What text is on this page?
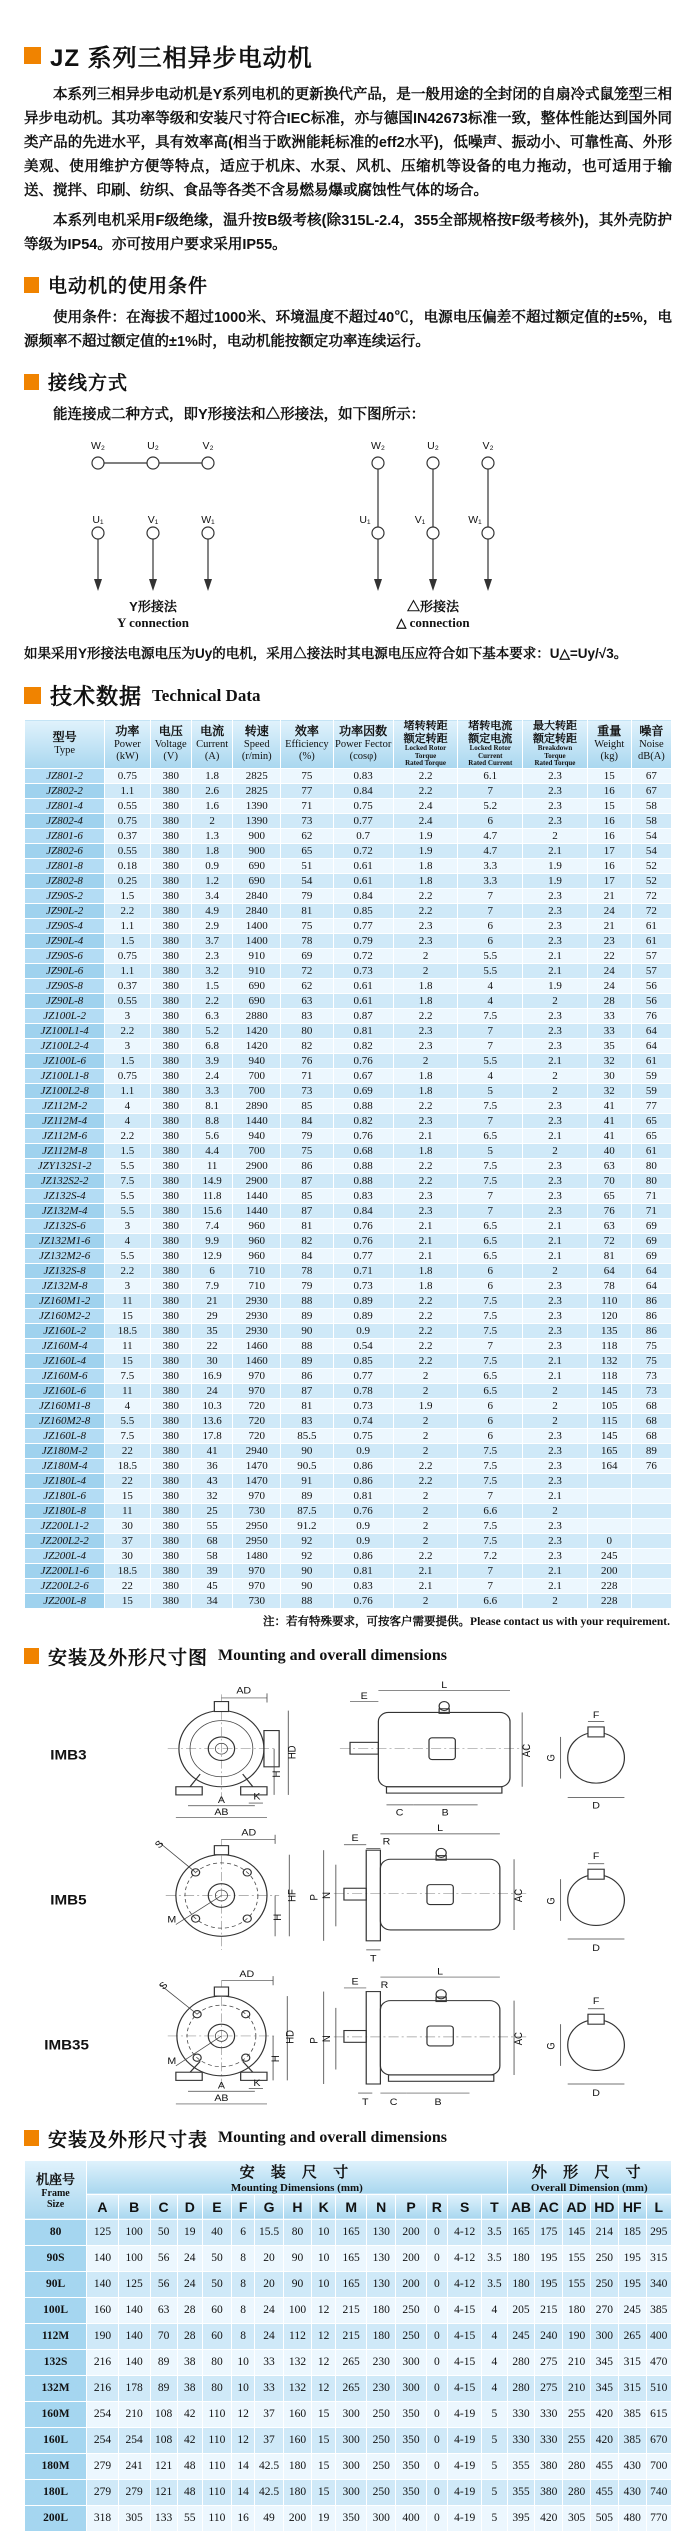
JZ 系列三相异步电动机

本系列三相异步电动机是Y系列电机的更新换代产品，是一般用途的全封闭的自扇冷式鼠笼型三相异步电动机。其功率等级和安装尺寸符合IEC标准，亦与德国IN42673标准一致，整体性能达到国外同类产品的先进水平，具有效率高(相当于欧洲能耗标准的eff2水平)，低噪声、振动小、可靠性高、外形美观、使用维护方便等特点，适应于机床、水泵、风机、压缩机等设备的电力拖动，也可适用于输送、搅拌、印刷、纺织、食品等各类不含易燃易爆或腐蚀性气体的场合。

本系列电机采用F级绝缘，温升按B级考核(除315L-2.4，355全部规格按F级考核外)，其外壳防护等级为IP54。亦可按用户要求采用IP55。

电动机的使用条件

使用条件：在海拔不超过1000米、环境温度不超过40℃，电源电压偏差不超过额定值的±5%，电源频率不超过额定值的±1%时，电动机能按额定功率连续运行。

接线方式

能连接成二种方式，即Y形接法和△形接法，如下图所示：

W₂	U₂	V₂	W₂	U₂	V₂
U₁	V₁	W₁	U₁	V₁	W₁
Y形接法
Y connection
△形接法
△ connection

如果采用Y形接法电源电压为Uy的电机，采用△接法时其电源电压应符合如下基本要求：U△=Uy/√3。

技术数据 Technical Data
型号
Type

功率
Power
(kW)

电压
Voltage
(V)

电流
Current
(A)

转速
Speed
(r/min)

效率
Efficiency
(%)

功率因数
Power Fector
(cosφ)

堵转转距
额定转距
Locked Rotor
Torque
Rated Torque

堵转电流
额定电流
Locked Rotor
Current
Rated Current

最大转距
额定转距
Breakdown
Torque
Rated Torque

重量
Weight
(kg)

噪音
Noise
dB(A)

JZ801-2	0.75	380	1.8	2825	75	0.83	2.2	6.1	2.3	15	67
JZ802-2	1.1	380	2.6	2825	77	0.84	2.2	7	2.3	16	67
JZ801-4	0.55	380	1.6	1390	71	0.75	2.4	5.2	2.3	15	58
JZ802-4	0.75	380	2	1390	73	0.77	2.4	6	2.3	16	58
JZ801-6	0.37	380	1.3	900	62	0.7	1.9	4.7	2	16	54
JZ802-6	0.55	380	1.8	900	65	0.72	1.9	4.7	2.1	17	54
JZ801-8	0.18	380	0.9	690	51	0.61	1.8	3.3	1.9	16	52
JZ802-8	0.25	380	1.2	690	54	0.61	1.8	3.3	1.9	17	52
JZ90S-2	1.5	380	3.4	2840	79	0.84	2.2	7	2.3	21	72
JZ90L-2	2.2	380	4.9	2840	81	0.85	2.2	7	2.3	24	72
JZ90S-4	1.1	380	2.9	1400	75	0.77	2.3	6	2.3	21	61
JZ90L-4	1.5	380	3.7	1400	78	0.79	2.3	6	2.3	23	61
JZ90S-6	0.75	380	2.3	910	69	0.72	2	5.5	2.1	22	57
JZ90L-6	1.1	380	3.2	910	72	0.73	2	5.5	2.1	24	57
JZ90S-8	0.37	380	1.5	690	62	0.61	1.8	4	1.9	24	56
JZ90L-8	0.55	380	2.2	690	63	0.61	1.8	4	2	28	56
JZ100L-2	3	380	6.3	2880	83	0.87	2.2	7.5	2.3	33	76
JZ100L1-4	2.2	380	5.2	1420	80	0.81	2.3	7	2.3	33	64
JZ100L2-4	3	380	6.8	1420	82	0.82	2.3	7	2.3	35	64
JZ100L-6	1.5	380	3.9	940	76	0.76	2	5.5	2.1	32	61
JZ100L1-8	0.75	380	2.4	700	71	0.67	1.8	4	2	30	59
JZ100L2-8	1.1	380	3.3	700	73	0.69	1.8	5	2	32	59
JZ112M-2	4	380	8.1	2890	85	0.88	2.2	7.5	2.3	41	77
JZ112M-4	4	380	8.8	1440	84	0.82	2.3	7	2.3	41	65
JZ112M-6	2.2	380	5.6	940	79	0.76	2.1	6.5	2.1	41	65
JZ112M-8	1.5	380	4.4	700	75	0.68	1.8	5	2	40	61
JZY132S1-2	5.5	380	11	2900	86	0.88	2.2	7.5	2.3	63	80
JZ132S2-2	7.5	380	14.9	2900	87	0.88	2.2	7.5	2.3	70	80
JZ132S-4	5.5	380	11.8	1440	85	0.83	2.3	7	2.3	65	71
JZ132M-4	5.5	380	15.6	1440	87	0.84	2.3	7	2.3	76	71
JZ132S-6	3	380	7.4	960	81	0.76	2.1	6.5	2.1	63	69
JZ132M1-6	4	380	9.9	960	82	0.76	2.1	6.5	2.1	72	69
JZ132M2-6	5.5	380	12.9	960	84	0.77	2.1	6.5	2.1	81	69
JZ132S-8	2.2	380	6	710	78	0.71	1.8	6	2	64	64
JZ132M-8	3	380	7.9	710	79	0.73	1.8	6	2.3	78	64
JZ160M1-2	11	380	21	2930	88	0.89	2.2	7.5	2.3	110	86
JZ160M2-2	15	380	29	2930	89	0.89	2.2	7.5	2.3	120	86
JZ160L-2	18.5	380	35	2930	90	0.9	2.2	7.5	2.3	135	86
JZ160M-4	11	380	22	1460	88	0.54	2.2	7	2.3	118	75
JZ160L-4	15	380	30	1460	89	0.85	2.2	7.5	2.1	132	75
JZ160M-6	7.5	380	16.9	970	86	0.77	2	6.5	2.1	118	73
JZ160L-6	11	380	24	970	87	0.78	2	6.5	2	145	73
JZ160M1-8	4	380	10.3	720	81	0.73	1.9	6	2	105	68
JZ160M2-8	5.5	380	13.6	720	83	0.74	2	6	2	115	68
JZ160L-8	7.5	380	17.8	720	85.5	0.75	2	6	2.3	145	68
JZ180M-2	22	380	41	2940	90	0.9	2	7.5	2.3	165	89
JZ180M-4	18.5	380	36	1470	90.5	0.86	2.2	7.5	2.3	164	76
JZ180L-4	22	380	43	1470	91	0.86	2.2	7.5	2.3		
JZ180L-6	15	380	32	970	89	0.81	2	7	2.1		
JZ180L-8	11	380	25	730	87.5	0.76	2	6.6	2		
JZ200L1-2	30	380	55	2950	91.2	0.9	2	7.5	2.3		
JZ200L2-2	37	380	68	2950	92	0.9	2	7.5	2.3	0	
JZ200L-4	30	380	58	1480	92	0.86	2.2	7.2	2.3	245	
JZ200L1-6	18.5	380	39	970	90	0.81	2.1	7	2.1	200	
JZ200L2-6	22	380	45	970	90	0.83	2.1	7	2.1	228	
JZ200L-8	15	380	34	730	88	0.76	2	6.6	2	228	
注：若有特殊要求，可按客户需要提供。Please contact us with your requirement.
安装及外形尺寸图 Mounting and overall dimensions
IMB3
AD
HD
H
K
A
AB
L
E
AC
C	B
F
G
D
IMB5
AD
S
M
HF
H
L
E R
P N	AC
T
F
G
D
IMB35
AD
S
M
HD
H
K
A
AB
L
E R
P N	AC
T C	B
F
G
D
安装及外形尺寸表 Mounting and overall dimensions
机座号
Frame
Size

安 装 尺 寸
Mounting Dimensions (mm)

外 形 尺 寸
Overall Dimension (mm)

	A	B	C	D	E	F	G	H	K	M	N	P	R	S	T	AB	AC	AD	HD	HF	L
80	125	100	50	19	40	6	15.5	80	10	165	130	200	0	4-12	3.5	165	175	145	214	185	295
90S	140	100	56	24	50	8	20	90	10	165	130	200	0	4-12	3.5	180	195	155	250	195	315
90L	140	125	56	24	50	8	20	90	10	165	130	200	0	4-12	3.5	180	195	155	250	195	340
100L	160	140	63	28	60	8	24	100	12	215	180	250	0	4-15	4	205	215	180	270	245	385
112M	190	140	70	28	60	8	24	112	12	215	180	250	0	4-15	4	245	240	190	300	265	400
132S	216	140	89	38	80	10	33	132	12	265	230	300	0	4-15	4	280	275	210	345	315	470
132M	216	178	89	38	80	10	33	132	12	265	230	300	0	4-15	4	280	275	210	345	315	510
160M	254	210	108	42	110	12	37	160	15	300	250	350	0	4-19	5	330	330	255	420	385	615
160L	254	254	108	42	110	12	37	160	15	300	250	350	0	4-19	5	330	330	255	420	385	670
180M	279	241	121	48	110	14	42.5	180	15	300	250	350	0	4-19	5	355	380	280	455	430	700
180L	279	279	121	48	110	14	42.5	180	15	300	250	350	0	4-19	5	355	380	280	455	430	740
200L	318	305	133	55	110	16	49	200	19	350	300	400	0	4-19	5	395	420	305	505	480	770
